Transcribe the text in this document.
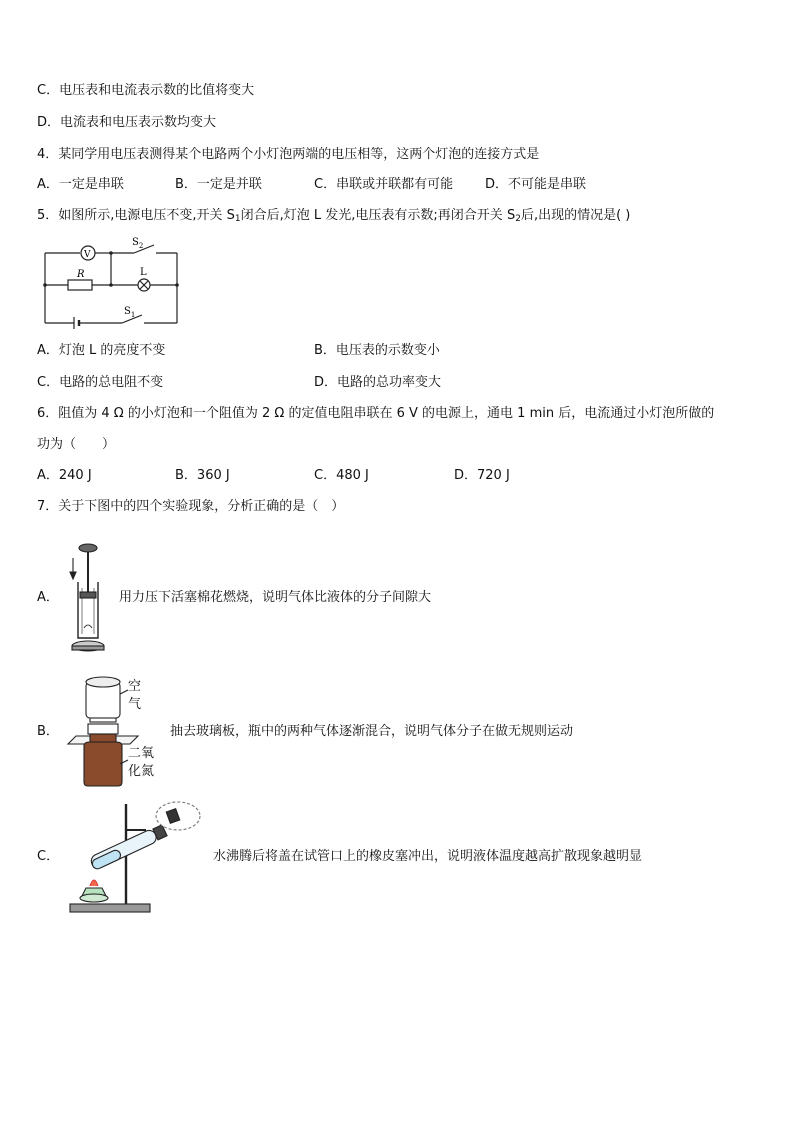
C．电压表和电流表示数的比值将变大
D．电流表和电压表示数均变大
4．某同学用电压表测得某个电路两个小灯泡两端的电压相等，这两个灯泡的连接方式是
A．一定是串联	B．一定是并联	C．串联或并联都有可能 D．不可能是串联
5．如图所示,电源电压不变,开关 $S_1$闭合后,灯泡 L 发光,电压表有示数;再闭合开关 $S_2$后,出现的情况是( )
V
R	L
$S_2$
$S_1$
A．灯泡 L 的亮度不变	B．电压表的示数变小
C．电路的总电阻不变	D．电路的总功率变大
6．阻值为 4 Ω 的小灯泡和一个阻值为 2 Ω 的定值电阻串联在 6 V 的电源上，通电 1 min 后，电流通过小灯泡所做的
功为（　　）
A．240 J	B．360 J	C．480 J	D．720 J
7．关于下图中的四个实验现象，分析正确的是（　）
A．	用力压下活塞棉花燃烧，说明气体比液体的分子间隙大
B．
空
气
二氧
化氮
抽去玻璃板，瓶中的两种气体逐渐混合，说明气体分子在做无规则运动
C．	水沸腾后将盖在试管口上的橡皮塞冲出，说明液体温度越高扩散现象越明显
